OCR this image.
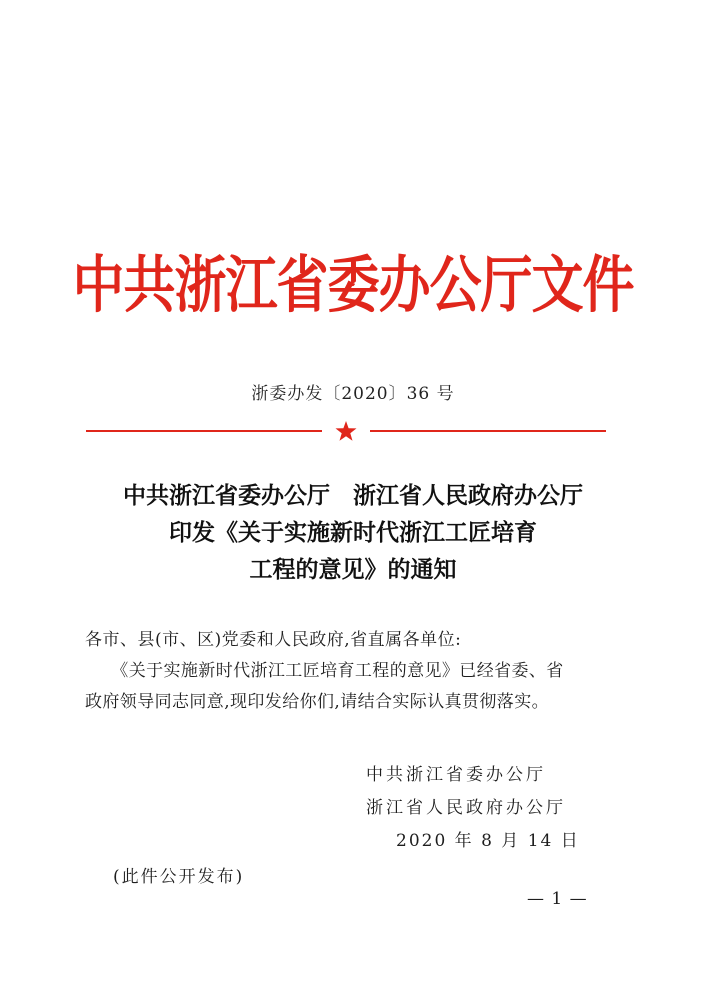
中共浙江省委办公厅文件
浙委办发〔2020〕36 号
中共浙江省委办公厅　浙江省人民政府办公厅
印发《关于实施新时代浙江工匠培育
工程的意见》的通知
各市、县(市、区)党委和人民政府,省直属各单位:
　　《关于实施新时代浙江工匠培育工程的意见》已经省委、省
政府领导同志同意,现印发给你们,请结合实际认真贯彻落实。
中共浙江省委办公厅
浙江省人民政府办公厅
2020 年 8 月 14 日
(此件公开发布)
— 1 —
